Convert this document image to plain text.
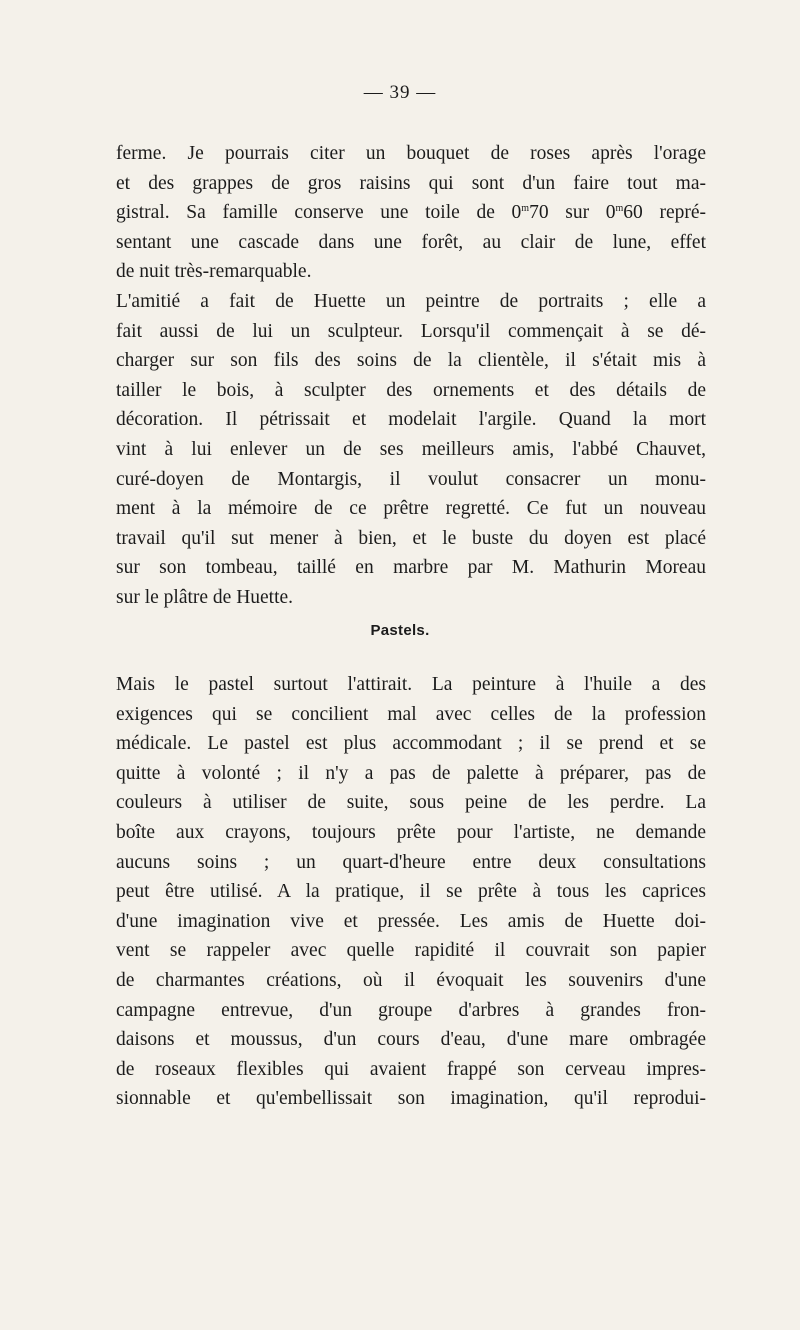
— 39 —
ferme. Je pourrais citer un bouquet de roses après l'orage
et des grappes de gros raisins qui sont d'un faire tout ma-
gistral. Sa famille conserve une toile de 0$^m$70 sur 0$^m$60 repré-
sentant une cascade dans une forêt, au clair de lune, effet
de nuit très-remarquable.
L'amitié a fait de Huette un peintre de portraits ; elle a
fait aussi de lui un sculpteur. Lorsqu'il commençait à se dé-
charger sur son fils des soins de la clientèle, il s'était mis à
tailler le bois, à sculpter des ornements et des détails de
décoration. Il pétrissait et modelait l'argile. Quand la mort
vint à lui enlever un de ses meilleurs amis, l'abbé Chauvet,
curé-doyen de Montargis, il voulut consacrer un monu-
ment à la mémoire de ce prêtre regretté. Ce fut un nouveau
travail qu'il sut mener à bien, et le buste du doyen est placé
sur son tombeau, taillé en marbre par M. Mathurin Moreau
sur le plâtre de Huette.
Pastels.
Mais le pastel surtout l'attirait. La peinture à l'huile a des
exigences qui se concilient mal avec celles de la profession
médicale. Le pastel est plus accommodant ; il se prend et se
quitte à volonté ; il n'y a pas de palette à préparer, pas de
couleurs à utiliser de suite, sous peine de les perdre. La
boîte aux crayons, toujours prête pour l'artiste, ne demande
aucuns soins ; un quart-d'heure entre deux consultations
peut être utilisé. A la pratique, il se prête à tous les caprices
d'une imagination vive et pressée. Les amis de Huette doi-
vent se rappeler avec quelle rapidité il couvrait son papier
de charmantes créations, où il évoquait les souvenirs d'une
campagne entrevue, d'un groupe d'arbres à grandes fron-
daisons et moussus, d'un cours d'eau, d'une mare ombragée
de roseaux flexibles qui avaient frappé son cerveau impres-
sionnable et qu'embellissait son imagination, qu'il reprodui-
